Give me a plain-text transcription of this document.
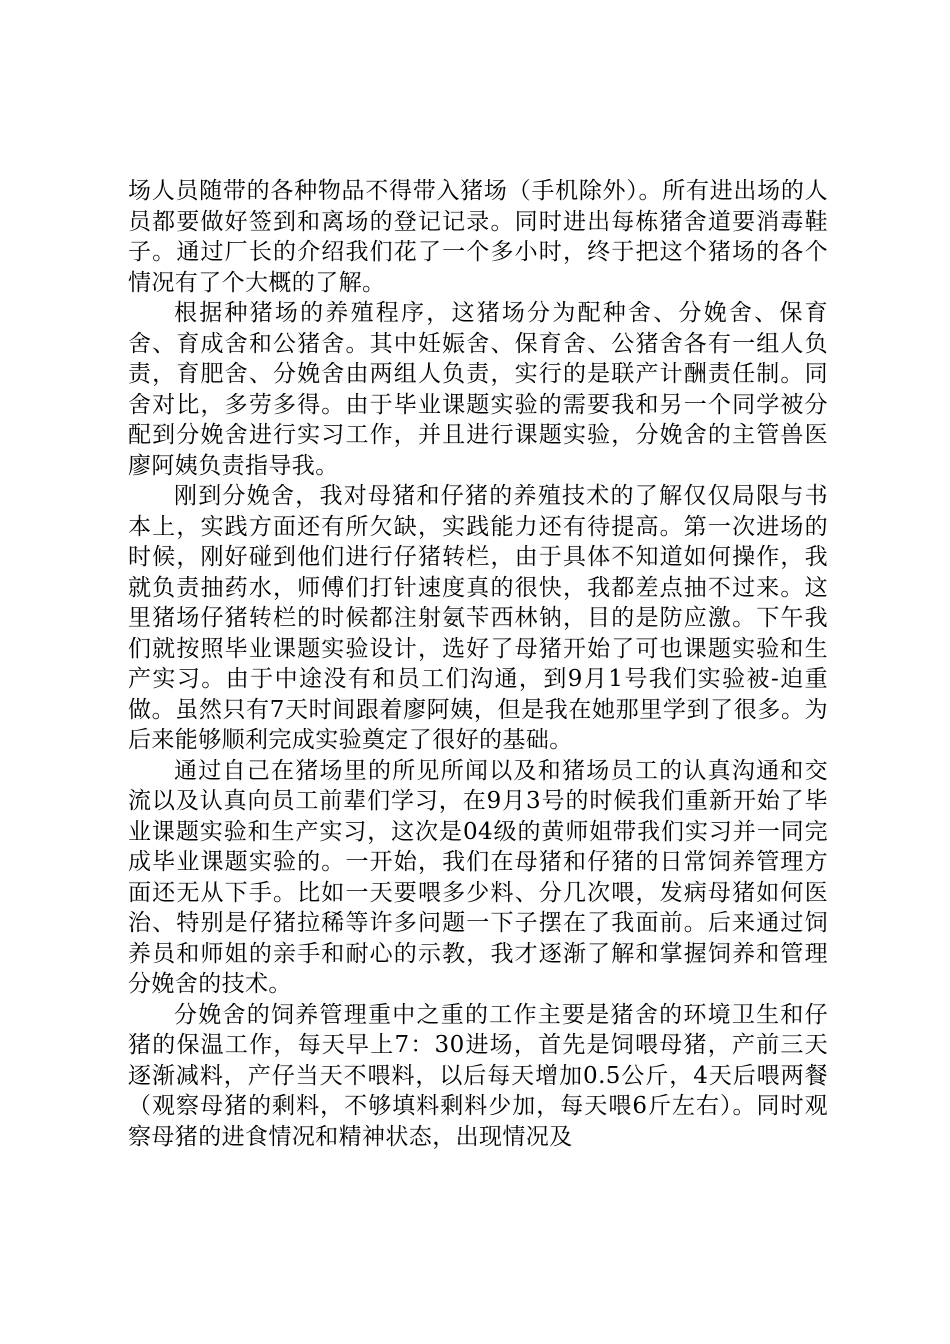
场人员随带的各种物品不得带入猪场（手机除外）。所有进出场的人员都要做好签到和离场的登记记录。同时进出每栋猪舍道要消毒鞋子。通过厂长的介绍我们花了一个多小时，终于把这个猪场的各个情况有了个大概的了解。

根据种猪场的养殖程序，这猪场分为配种舍、分娩舍、保育舍、育成舍和公猪舍。其中妊娠舍、保育舍、公猪舍各有一组人负责，育肥舍、分娩舍由两组人负责，实行的是联产计酬责任制。同舍对比，多劳多得。由于毕业课题实验的需要我和另一个同学被分配到分娩舍进行实习工作，并且进行课题实验，分娩舍的主管兽医廖阿姨负责指导我。

刚到分娩舍，我对母猪和仔猪的养殖技术的了解仅仅局限与书本上，实践方面还有所欠缺，实践能力还有待提高。第一次进场的时候，刚好碰到他们进行仔猪转栏，由于具体不知道如何操作，我就负责抽药水，师傅们打针速度真的很快，我都差点抽不过来。这里猪场仔猪转栏的时候都注射氨苄西林钠，目的是防应激。下午我们就按照毕业课题实验设计，选好了母猪开始了可也课题实验和生产实习。由于中途没有和员工们沟通，到9月1号我们实验被-迫重做。虽然只有7天时间跟着廖阿姨，但是我在她那里学到了很多。为后来能够顺利完成实验奠定了很好的基础。

通过自己在猪场里的所见所闻以及和猪场员工的认真沟通和交流以及认真向员工前辈们学习，在9月3号的时候我们重新开始了毕业课题实验和生产实习，这次是04级的黄师姐带我们实习并一同完成毕业课题实验的。一开始，我们在母猪和仔猪的日常饲养管理方面还无从下手。比如一天要喂多少料、分几次喂，发病母猪如何医治、特别是仔猪拉稀等许多问题一下子摆在了我面前。后来通过饲养员和师姐的亲手和耐心的示教，我才逐渐了解和掌握饲养和管理分娩舍的技术。

分娩舍的饲养管理重中之重的工作主要是猪舍的环境卫生和仔猪的保温工作，每天早上7：30进场，首先是饲喂母猪，产前三天逐渐减料，产仔当天不喂料，以后每天增加0.5公斤，4天后喂两餐（观察母猪的剩料，不够填料剩料少加，每天喂6斤左右）。同时观察母猪的进食情况和精神状态，出现情况及
